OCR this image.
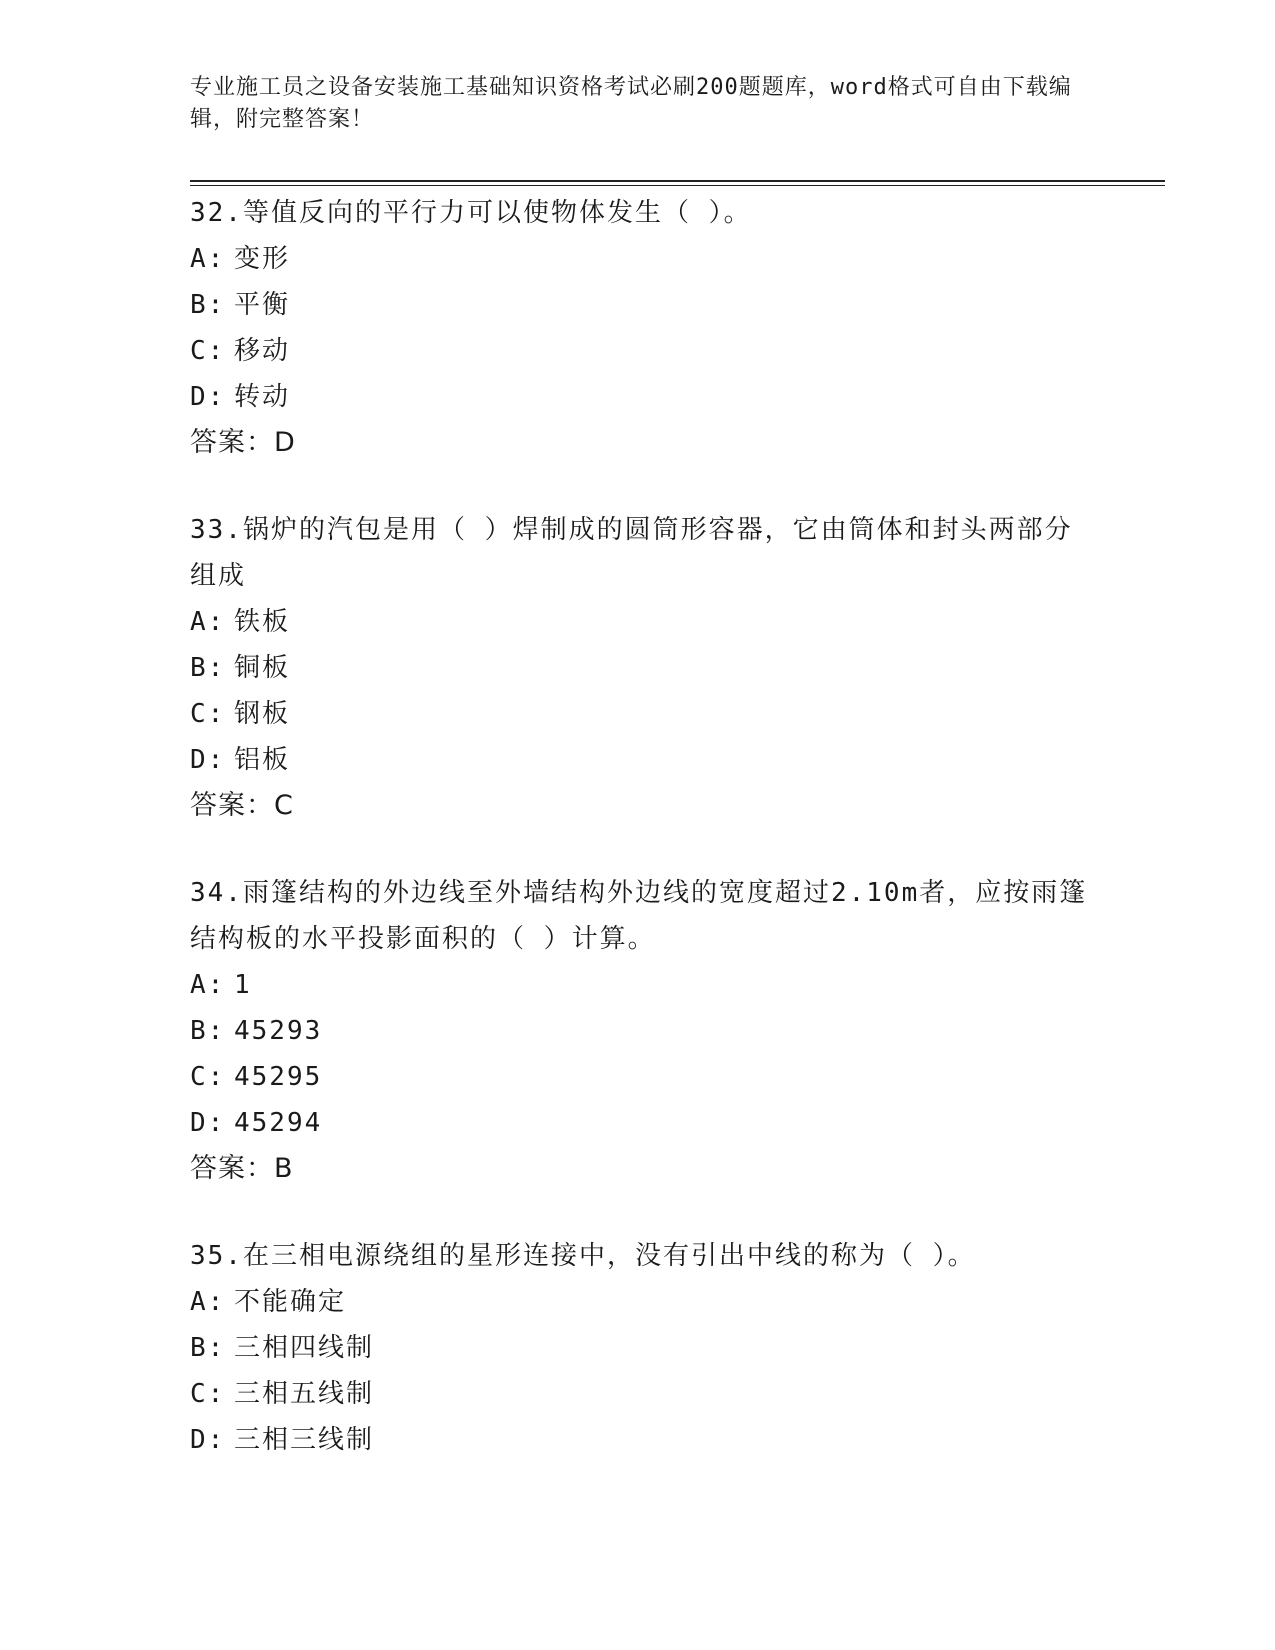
专业施工员之设备安装施工基础知识资格考试必刷200题题库，word格式可自由下载编辑，附完整答案！
32.等值反向的平行力可以使物体发生（ ）。
A: 变形
B: 平衡
C: 移动
D: 转动
答案：D
33.锅炉的汽包是用（ ）焊制成的圆筒形容器，它由筒体和封头两部分组成
A: 铁板
B: 铜板
C: 钢板
D: 铝板
答案：C
34.雨篷结构的外边线至外墙结构外边线的宽度超过2.10m者，应按雨篷结构板的水平投影面积的（ ）计算。
A: 1
B: 45293
C: 45295
D: 45294
答案：B
35.在三相电源绕组的星形连接中，没有引出中线的称为（ ）。
A: 不能确定
B: 三相四线制
C: 三相五线制
D: 三相三线制
